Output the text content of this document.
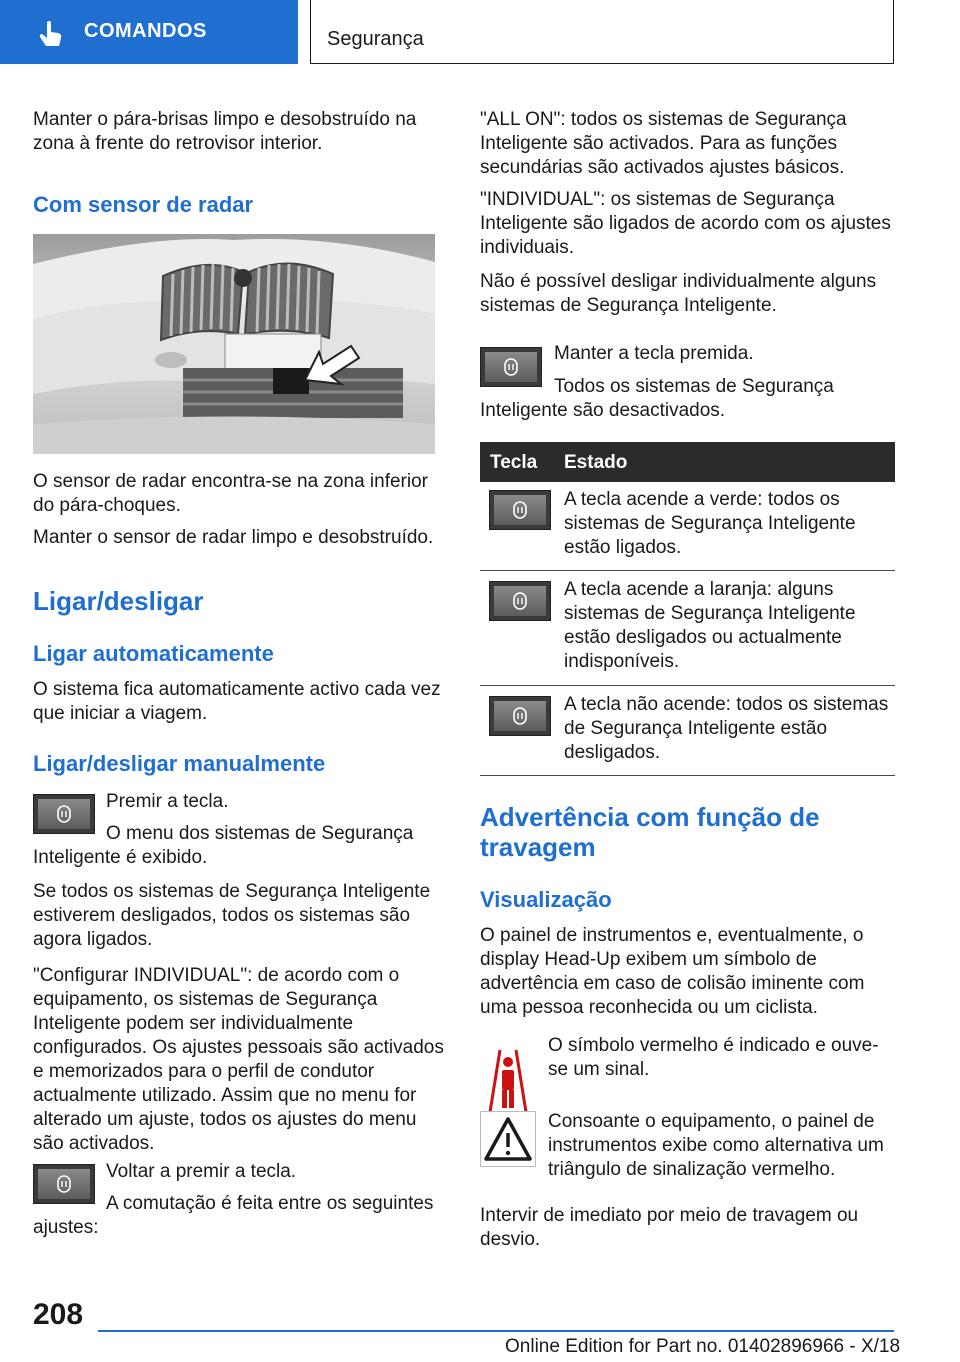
COMANDOS	Segurança

Manter o pára-brisas limpo e desobstruído na zona à frente do retrovisor interior.

Com sensor de radar

O sensor de radar encontra-se na zona inferior do pára-choques.

Manter o sensor de radar limpo e desobstruído.

Ligar/desligar
Ligar automaticamente

O sistema fica automaticamente activo cada vez que iniciar a viagem.

Ligar/desligar manualmente

Premir a tecla.

O menu dos sistemas de Segurança Inteligente é exibido.

Se todos os sistemas de Segurança Inteligente estiverem desligados, todos os sistemas são agora ligados.

"Configurar INDIVIDUAL": de acordo com o equipamento, os sistemas de Segurança Inteligente podem ser individualmente configurados. Os ajustes pessoais são activados e memorizados para o perfil de condutor actualmente utilizado. Assim que no menu for alterado um ajuste, todos os ajustes do menu são activados.

Voltar a premir a tecla.

A comutação é feita entre os seguintes ajustes:

"ALL ON": todos os sistemas de Segurança Inteligente são activados. Para as funções secundárias são activados ajustes básicos.

"INDIVIDUAL": os sistemas de Segurança Inteligente são ligados de acordo com os ajustes individuais.

Não é possível desligar individualmente alguns sistemas de Segurança Inteligente.

Manter a tecla premida.

Todos os sistemas de Segurança Inteligente são desactivados.

Tecla Estado

A tecla acende a verde: todos os sistemas de Segurança Inteligente estão ligados.

A tecla acende a laranja: alguns sistemas de Segurança Inteligente estão desligados ou actualmente indisponíveis.

A tecla não acende: todos os sistemas de Segurança Inteligente estão desligados.

Advertência com função de travagem
Visualização

O painel de instrumentos e, eventualmente, o display Head-Up exibem um símbolo de advertência em caso de colisão iminente com uma pessoa reconhecida ou um ciclista.

O símbolo vermelho é indicado e ouve-se um sinal.

Consoante o equipamento, o painel de instrumentos exibe como alternativa um triângulo de sinalização vermelho.

Intervir de imediato por meio de travagem ou desvio.

208
Online Edition for Part no. 01402896966 - X/18
